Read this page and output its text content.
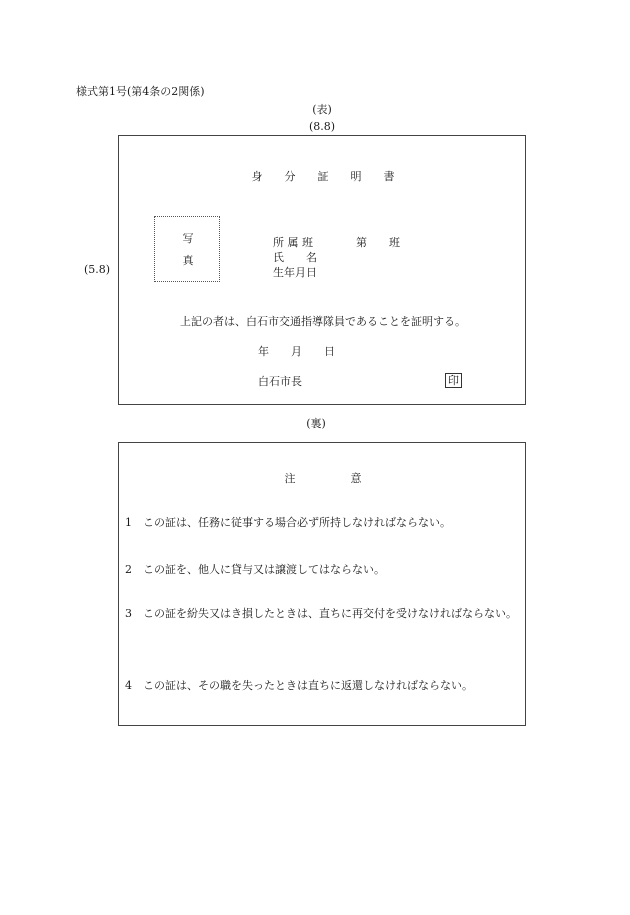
様式第1号(第4条の2関係)
(表)
(8.8)
(5.8)
身　　分　　証　　明　　書
写
真
所 属 班	第　　班
氏　　名
生年月日
上記の者は、白石市交通指導隊員であることを証明する。
年　　月　　日
白石市長	印
(裏)
注　　　　　意
1 この証は、任務に従事する場合必ず所持しなければならない。
2 この証を、他人に貸与又は譲渡してはならない。
3 この証を紛失又はき損したときは、直ちに再交付を受けなければならない。
4 この証は、その職を失ったときは直ちに返還しなければならない。
